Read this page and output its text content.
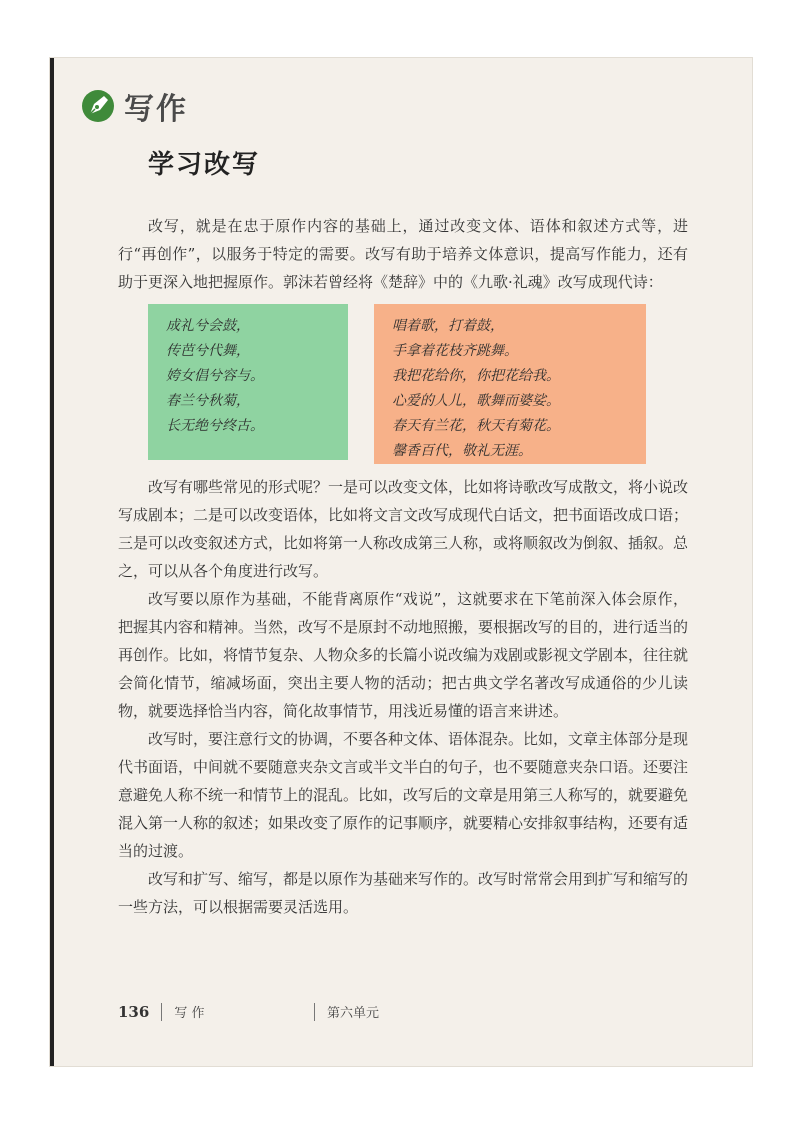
写作
学习改写

改写，就是在忠于原作内容的基础上，通过改变文体、语体和叙述方式等，进行“再创作”，以服务于特定的需要。改写有助于培养文体意识，提高写作能力，还有助于更深入地把握原作。郭沫若曾经将《楚辞》中的《九歌·礼魂》改写成现代诗：

成礼兮会鼓，
传芭兮代舞，
姱女倡兮容与。
春兰兮秋菊，
长无绝兮终古。
唱着歌，打着鼓，
手拿着花枝齐跳舞。
我把花给你，你把花给我。
心爱的人儿，歌舞而婆娑。
春天有兰花，秋天有菊花。
馨香百代，敬礼无涯。

改写有哪些常见的形式呢？一是可以改变文体，比如将诗歌改写成散文，将小说改写成剧本；二是可以改变语体，比如将文言文改写成现代白话文，把书面语改成口语；三是可以改变叙述方式，比如将第一人称改成第三人称，或将顺叙改为倒叙、插叙。总之，可以从各个角度进行改写。

改写要以原作为基础，不能背离原作“戏说”，这就要求在下笔前深入体会原作，把握其内容和精神。当然，改写不是原封不动地照搬，要根据改写的目的，进行适当的再创作。比如，将情节复杂、人物众多的长篇小说改编为戏剧或影视文学剧本，往往就会简化情节，缩减场面，突出主要人物的活动；把古典文学名著改写成通俗的少儿读物，就要选择恰当内容，简化故事情节，用浅近易懂的语言来讲述。

改写时，要注意行文的协调，不要各种文体、语体混杂。比如，文章主体部分是现代书面语，中间就不要随意夹杂文言或半文半白的句子，也不要随意夹杂口语。还要注意避免人称不统一和情节上的混乱。比如，改写后的文章是用第三人称写的，就要避免混入第一人称的叙述；如果改变了原作的记事顺序，就要精心安排叙事结构，还要有适当的过渡。

改写和扩写、缩写，都是以原作为基础来写作的。改写时常常会用到扩写和缩写的一些方法，可以根据需要灵活选用。

136 写 作	第六单元
